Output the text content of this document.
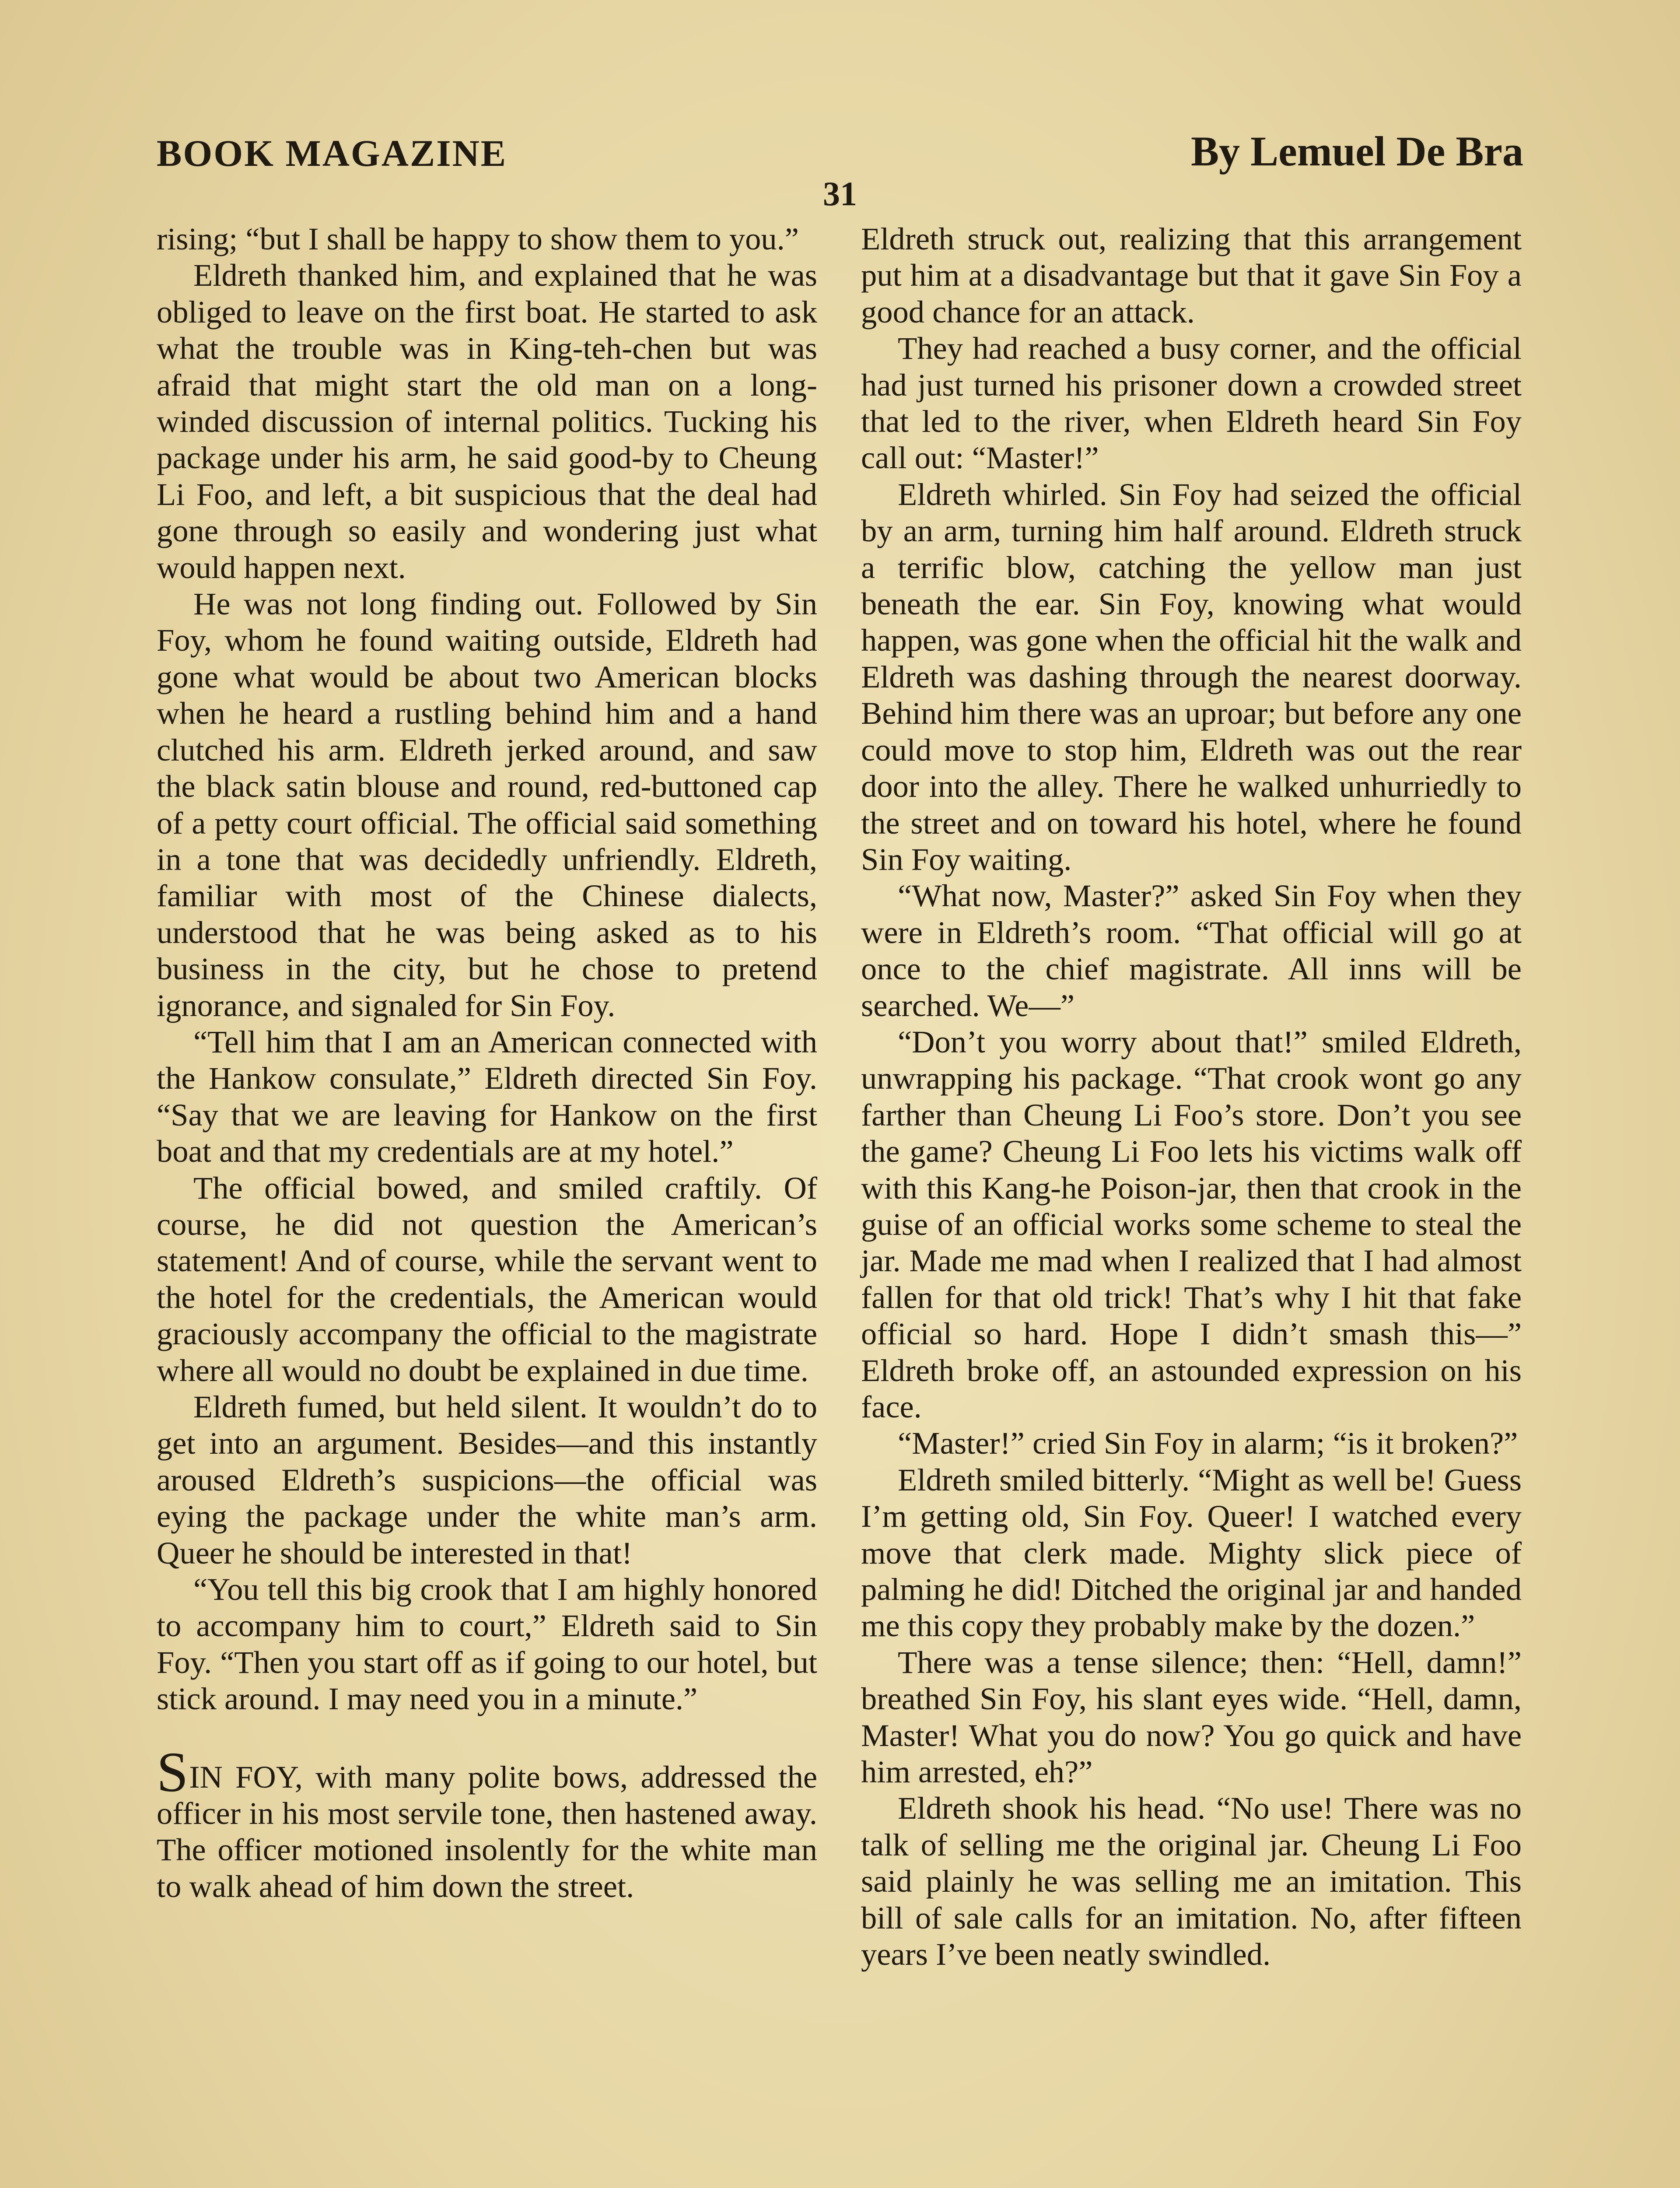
BOOK MAGAZINE	By Lemuel De Bra
31

rising; “but I shall be happy to show them to you.”

Eldreth thanked him, and explained that he was obliged to leave on the first boat. He started to ask what the trouble was in King-teh-chen but was afraid that might start the old man on a long-winded discussion of internal politics. Tucking his package under his arm, he said good-by to Cheung Li Foo, and left, a bit suspicious that the deal had gone through so easily and wondering just what would happen next.

He was not long finding out. Followed by Sin Foy, whom he found waiting outside, Eldreth had gone what would be about two American blocks when he heard a rustling behind him and a hand clutched his arm. Eldreth jerked around, and saw the black satin blouse and round, red-buttoned cap of a petty court official. The official said something in a tone that was decidedly unfriendly. Eldreth, familiar with most of the Chinese dialects, understood that he was being asked as to his business in the city, but he chose to pretend ignorance, and signaled for Sin Foy.

“Tell him that I am an American connected with the Hankow consulate,” Eldreth directed Sin Foy. “Say that we are leaving for Hankow on the first boat and that my credentials are at my hotel.”

The official bowed, and smiled craftily. Of course, he did not question the American’s statement! And of course, while the servant went to the hotel for the credentials, the American would graciously accompany the official to the magistrate where all would no doubt be explained in due time.

Eldreth fumed, but held silent. It wouldn’t do to get into an argument. Besides—and this instantly aroused Eldreth’s suspicions—the official was eying the package under the white man’s arm. Queer he should be interested in that!

“You tell this big crook that I am highly honored to accompany him to court,” Eldreth said to Sin Foy. “Then you start off as if going to our hotel, but stick around. I may need you in a minute.”

SIN FOY, with many polite bows, addressed the officer in his most servile tone, then hastened away. The officer motioned insolently for the white man to walk ahead of him down the street.

Eldreth struck out, realizing that this arrangement put him at a disadvantage but that it gave Sin Foy a good chance for an attack.

They had reached a busy corner, and the official had just turned his prisoner down a crowded street that led to the river, when Eldreth heard Sin Foy call out: “Master!”

Eldreth whirled. Sin Foy had seized the official by an arm, turning him half around. Eldreth struck a terrific blow, catching the yellow man just beneath the ear. Sin Foy, knowing what would happen, was gone when the official hit the walk and Eldreth was dashing through the nearest doorway. Behind him there was an uproar; but before any one could move to stop him, Eldreth was out the rear door into the alley. There he walked unhurriedly to the street and on toward his hotel, where he found Sin Foy waiting.

“What now, Master?” asked Sin Foy when they were in Eldreth’s room. “That official will go at once to the chief magistrate. All inns will be searched. We—”

“Don’t you worry about that!” smiled Eldreth, unwrapping his package. “That crook wont go any farther than Cheung Li Foo’s store. Don’t you see the game? Cheung Li Foo lets his victims walk off with this Kang-he Poison-jar, then that crook in the guise of an official works some scheme to steal the jar. Made me mad when I realized that I had almost fallen for that old trick! That’s why I hit that fake official so hard. Hope I didn’t smash this—” Eldreth broke off, an astounded expression on his face.

“Master!” cried Sin Foy in alarm; “is it broken?”

Eldreth smiled bitterly. “Might as well be! Guess I’m getting old, Sin Foy. Queer! I watched every move that clerk made. Mighty slick piece of palming he did! Ditched the original jar and handed me this copy they probably make by the dozen.”

There was a tense silence; then: “Hell, damn!” breathed Sin Foy, his slant eyes wide. “Hell, damn, Master! What you do now? You go quick and have him arrested, eh?”

Eldreth shook his head. “No use! There was no talk of selling me the original jar. Cheung Li Foo said plainly he was selling me an imitation. This bill of sale calls for an imitation. No, after fifteen years I’ve been neatly swindled.
